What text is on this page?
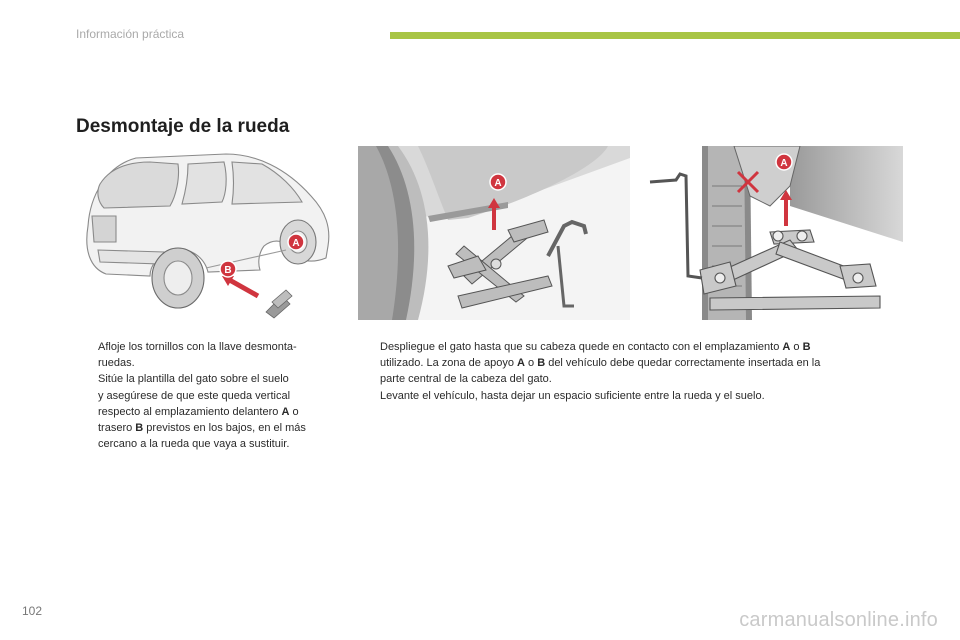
Información práctica
Desmontaje de la rueda
A
B
A
A
Afloje los tornillos con la llave desmonta-
ruedas.
Sitúe la plantilla del gato sobre el suelo
y asegúrese de que este queda vertical
respecto al emplazamiento delantero A o
trasero B previstos en los bajos, en el más
cercano a la rueda que vaya a sustituir.
Despliegue el gato hasta que su cabeza quede en contacto con el emplazamiento A o B
utilizado. La zona de apoyo A o B del vehículo debe quedar correctamente insertada en la
parte central de la cabeza del gato.
Levante el vehículo, hasta dejar un espacio suficiente entre la rueda y el suelo.
102	carmanualsonline.info
